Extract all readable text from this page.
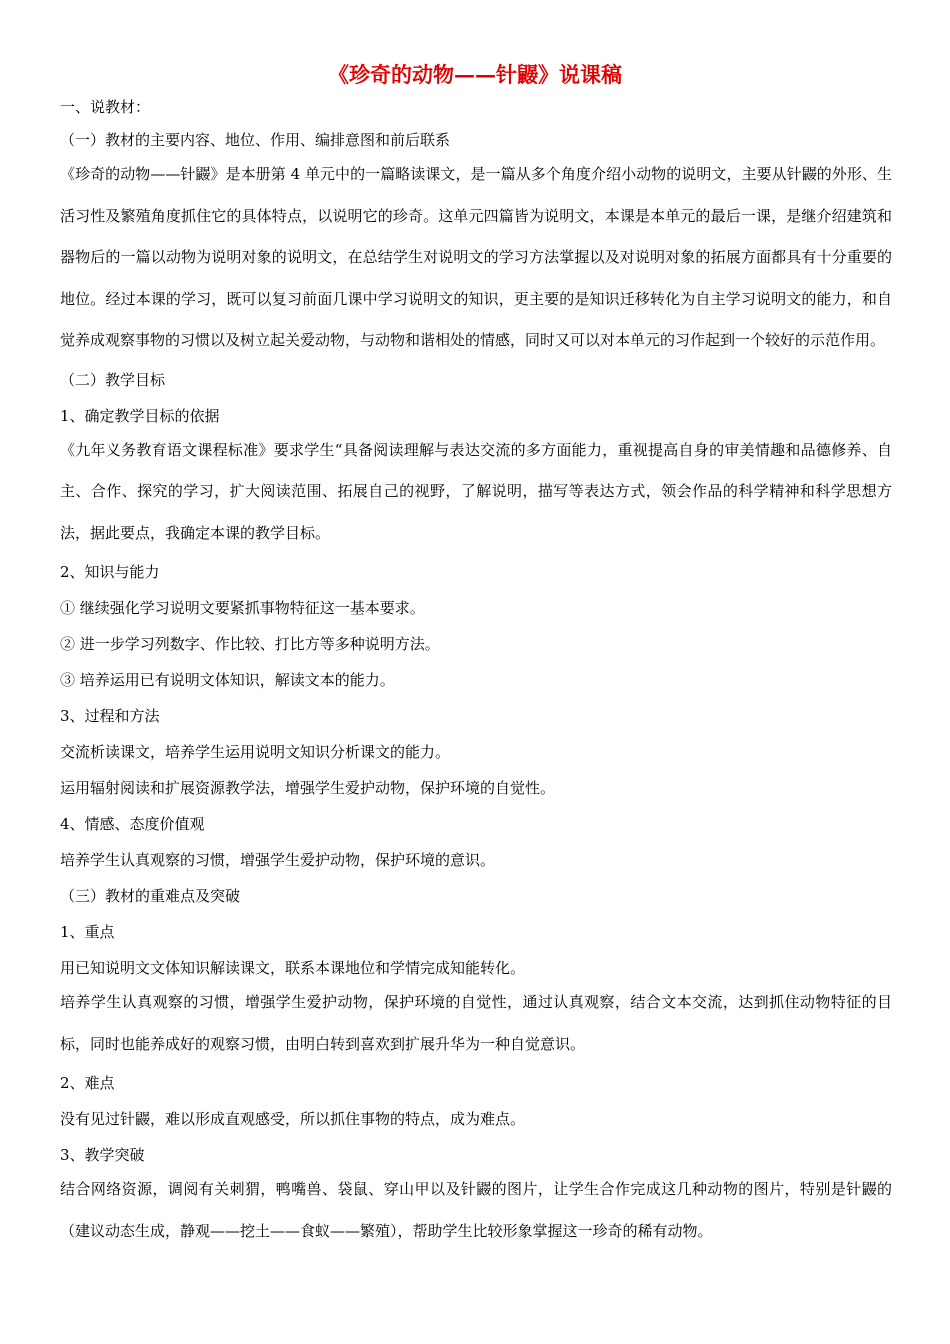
《珍奇的动物——针鼹》说课稿

一、说教材：

（一）教材的主要内容、地位、作用、编排意图和前后联系

《珍奇的动物——针鼹》是本册第 4 单元中的一篇略读课文，是一篇从多个角度介绍小动物的说明文，主要从针鼹的外形、生活习性及繁殖角度抓住它的具体特点，以说明它的珍奇。这单元四篇皆为说明文，本课是本单元的最后一课，是继介绍建筑和器物后的一篇以动物为说明对象的说明文，在总结学生对说明文的学习方法掌握以及对说明对象的拓展方面都具有十分重要的地位。经过本课的学习，既可以复习前面几课中学习说明文的知识，更主要的是知识迁移转化为自主学习说明文的能力，和自觉养成观察事物的习惯以及树立起关爱动物，与动物和谐相处的情感，同时又可以对本单元的习作起到一个较好的示范作用。

（二）教学目标

1、确定教学目标的依据

《九年义务教育语文课程标准》要求学生“具备阅读理解与表达交流的多方面能力，重视提高自身的审美情趣和品德修养、自主、合作、探究的学习，扩大阅读范围、拓展自己的视野，了解说明，描写等表达方式，领会作品的科学精神和科学思想方法，据此要点，我确定本课的教学目标。

2、知识与能力

① 继续强化学习说明文要紧抓事物特征这一基本要求。

② 进一步学习列数字、作比较、打比方等多种说明方法。

③ 培养运用已有说明文体知识，解读文本的能力。

3、过程和方法

交流析读课文，培养学生运用说明文知识分析课文的能力。

运用辐射阅读和扩展资源教学法，增强学生爱护动物，保护环境的自觉性。

4、情感、态度价值观

培养学生认真观察的习惯，增强学生爱护动物，保护环境的意识。

（三）教材的重难点及突破

1、重点

用已知说明文文体知识解读课文，联系本课地位和学情完成知能转化。

培养学生认真观察的习惯，增强学生爱护动物，保护环境的自觉性，通过认真观察，结合文本交流，达到抓住动物特征的目标，同时也能养成好的观察习惯，由明白转到喜欢到扩展升华为一种自觉意识。

2、难点

没有见过针鼹，难以形成直观感受，所以抓住事物的特点，成为难点。

3、教学突破

结合网络资源，调阅有关刺猬，鸭嘴兽、袋鼠、穿山甲以及针鼹的图片，让学生合作完成这几种动物的图片，特别是针鼹的（建议动态生成，静观——挖土——食蚁——繁殖），帮助学生比较形象掌握这一珍奇的稀有动物。
